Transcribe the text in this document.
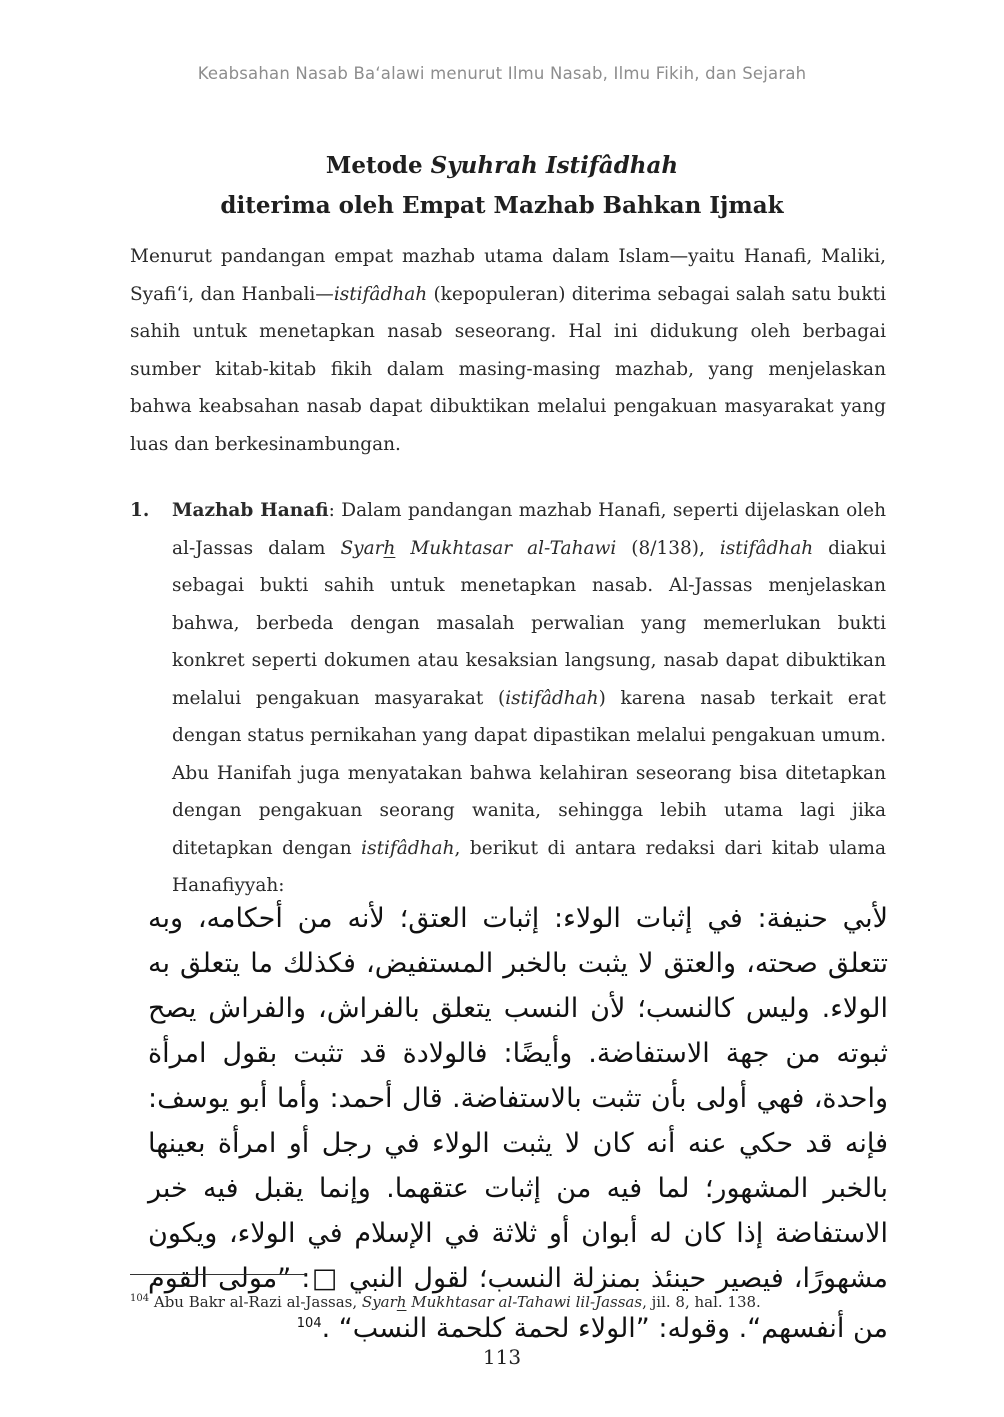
Keabsahan Nasab Ba‘alawi menurut Ilmu Nasab, Ilmu Fikih, dan Sejarah
Metode Syuhrah Istifâdhah
diterima oleh Empat Mazhab Bahkan Ijmak

Menurut pandangan empat mazhab utama dalam Islam—yaitu Hanafi, Maliki, Syafi‘i, dan Hanbali—istifâdhah (kepopuleran) diterima sebagai salah satu bukti sahih untuk menetapkan nasab seseorang. Hal ini didukung oleh berbagai sumber kitab-kitab fikih dalam masing-masing mazhab, yang menjelaskan bahwa keabsahan nasab dapat dibuktikan melalui pengakuan masyarakat yang luas dan berkesinambungan.

1. Mazhab Hanafi: Dalam pandangan mazhab Hanafi, seperti dijelaskan oleh al-Jassas dalam Syarh Mukhtasar al-Tahawi (8/138), istifâdhah diakui sebagai bukti sahih untuk menetapkan nasab. Al-Jassas menjelaskan bahwa, berbeda dengan masalah perwalian yang memerlukan bukti konkret seperti dokumen atau kesaksian langsung, nasab dapat dibuktikan melalui pengakuan masyarakat (istifâdhah) karena nasab terkait erat dengan status pernikahan yang dapat dipastikan melalui pengakuan umum. Abu Hanifah juga menyatakan bahwa kelahiran seseorang bisa ditetapkan dengan pengakuan seorang wanita, sehingga lebih utama lagi jika ditetapkan dengan istifâdhah, berikut di antara redaksi dari kitab ulama Hanafiyyah:
لأبي حنيفة: في إثبات الولاء: إثبات العتق؛ لأنه من أحكامه، وبه تتعلق صحته، والعتق لا يثبت بالخبر المستفيض، فكذلك ما يتعلق به الولاء. وليس كالنسب؛ لأن النسب يتعلق بالفراش، والفراش يصح ثبوته من جهة الاستفاضة. وأيضًا: فالولادة قد تثبت بقول امرأة واحدة، فهي أولى بأن تثبت بالاستفاضة. قال أحمد: وأما أبو يوسف: فإنه قد حكي عنه أنه كان لا يثبت الولاء في رجل أو امرأة بعينها بالخبر المشهور؛ لما فيه من إثبات عتقهما. وإنما يقبل فيه خبر الاستفاضة إذا كان له أبوان أو ثلاثة في الإسلام في الولاء، ويكون مشهورًا، فيصير حينئذ بمنزلة النسب؛ لقول النبي □: ”مولى القوم من أنفسهم“. وقوله: ”الولاء لحمة كلحمة النسب“ .$^{104}$
$^{104}$ Abu Bakr al-Razi al-Jassas, Syarh Mukhtasar al-Tahawi lil-Jassas, jil. 8, hal. 138.
113
